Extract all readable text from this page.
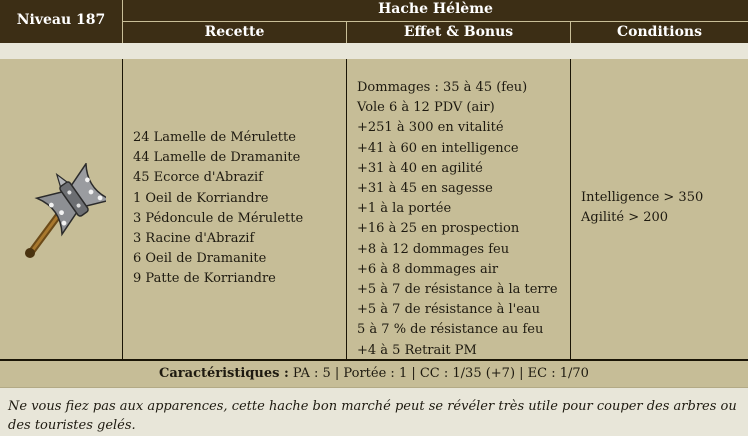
Niveau 187
Hache Hélème
Recette	Effet & Bonus	Conditions
24 Lamelle de Mérulette
44 Lamelle de Dramanite
45 Ecorce d'Abrazif
1 Oeil de Korriandre
3 Pédoncule de Mérulette
3 Racine d'Abrazif
6 Oeil de Dramanite
9 Patte de Korriandre
Dommages : 35 à 45 (feu)
Vole 6 à 12 PDV (air)
+251 à 300 en vitalité
+41 à 60 en intelligence
+31 à 40 en agilité
+31 à 45 en sagesse
+1 à la portée
+16 à 25 en prospection
+8 à 12 dommages feu
+6 à 8 dommages air
+5 à 7 de résistance à la terre
+5 à 7 de résistance à l'eau
5 à 7 % de résistance au feu
+4 à 5 Retrait PM
Intelligence > 350
Agilité > 200
Caractéristiques : PA : 5 | Portée : 1 | CC : 1/35 (+7) | EC : 1/70
Ne vous fiez pas aux apparences, cette hache bon marché peut se révéler très utile pour couper des arbres ou des touristes gelés.
